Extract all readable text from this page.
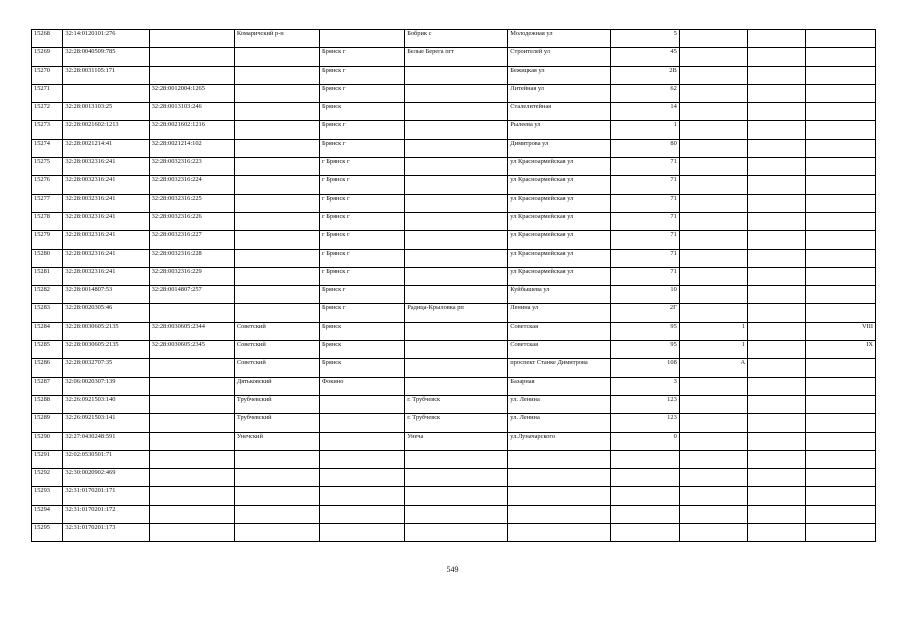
15268	32:14:0120101:276		Комаричский р-н		Бобрик с	Молодежная ул	5			
15269	32:28:0040509:785			Брянск г	Белые Берега пгт	Строителей ул	45			
15270	32:28:0031105:171			Брянск г		Бежицкая ул	2В			
15271		32:28:0012004:1265		Брянск г		Литейная ул	62			
15272	32:28:0013103:25	32:28:0013103:246		Брянск		Сталелитейная	14			
15273	32:28:0021602:1213	32:28:0021602:1216		Брянск г		Рылеева ул	1			
15274	32:28:0021214:41	32:28:0021214:102		Брянск г		Димитрова ул	80			
15275	32:28:0032316:241	32:28:0032316:223		г Брянск г		ул Красноармейская ул	71			
15276	32:28:0032316:241	32:28:0032316:224		г Брянск г		ул Красноармейская ул	71			
15277	32:28:0032316:241	32:28:0032316:225		г Брянск г		ул Красноармейская ул	71			
15278	32:28:0032316:241	32:28:0032316:226		г Брянск г		ул Красноармейская ул	71			
15279	32:28:0032316:241	32:28:0032316:227		г Брянск г		ул Красноармейская ул	71			
15280	32:28:0032316:241	32:28:0032316:228		г Брянск г		ул Красноармейская ул	71			
15281	32:28:0032316:241	32:28:0032316:229		г Брянск г		ул Красноармейская ул	71			
15282	32:28:0014807:53	32:28:0014807:257		Брянск г		Куйбышева ул	10			
15283	32:28:0020305:46			Брянск г	Радица-Крыловка рп	Ленина ул	2Г			
15284	32:28:0030605:2135	32:28:0030605:2344	Советский	Брянск		Советская	95	1		VIII
15285	32:28:0030605:2135	32:28:0030605:2345	Советский	Брянск		Советская	95	1		IX
15286	32:28:0032707:35		Советский	Брянск		проспект Станке Димитрова	108	А		
15287	32:06:0020307:139		Дятьковский	Фокино		Базарная	3			
15288	32:26:0921503:140		Трубчевский		г. Трубчевск	ул. Ленина	123			
15289	32:26:0921503:141		Трубчевский		г. Трубчевск	ул. Ленина	123			
15290	32:27:0430248:591		Унечский		Унеча	ул.Луначарского	0			
15291	32:02:0530501:71									
15292	32:30:0020902:469									
15293	32:31:0170201:171									
15294	32:31:0170201:172									
15295	32:31:0170201:173									
549
